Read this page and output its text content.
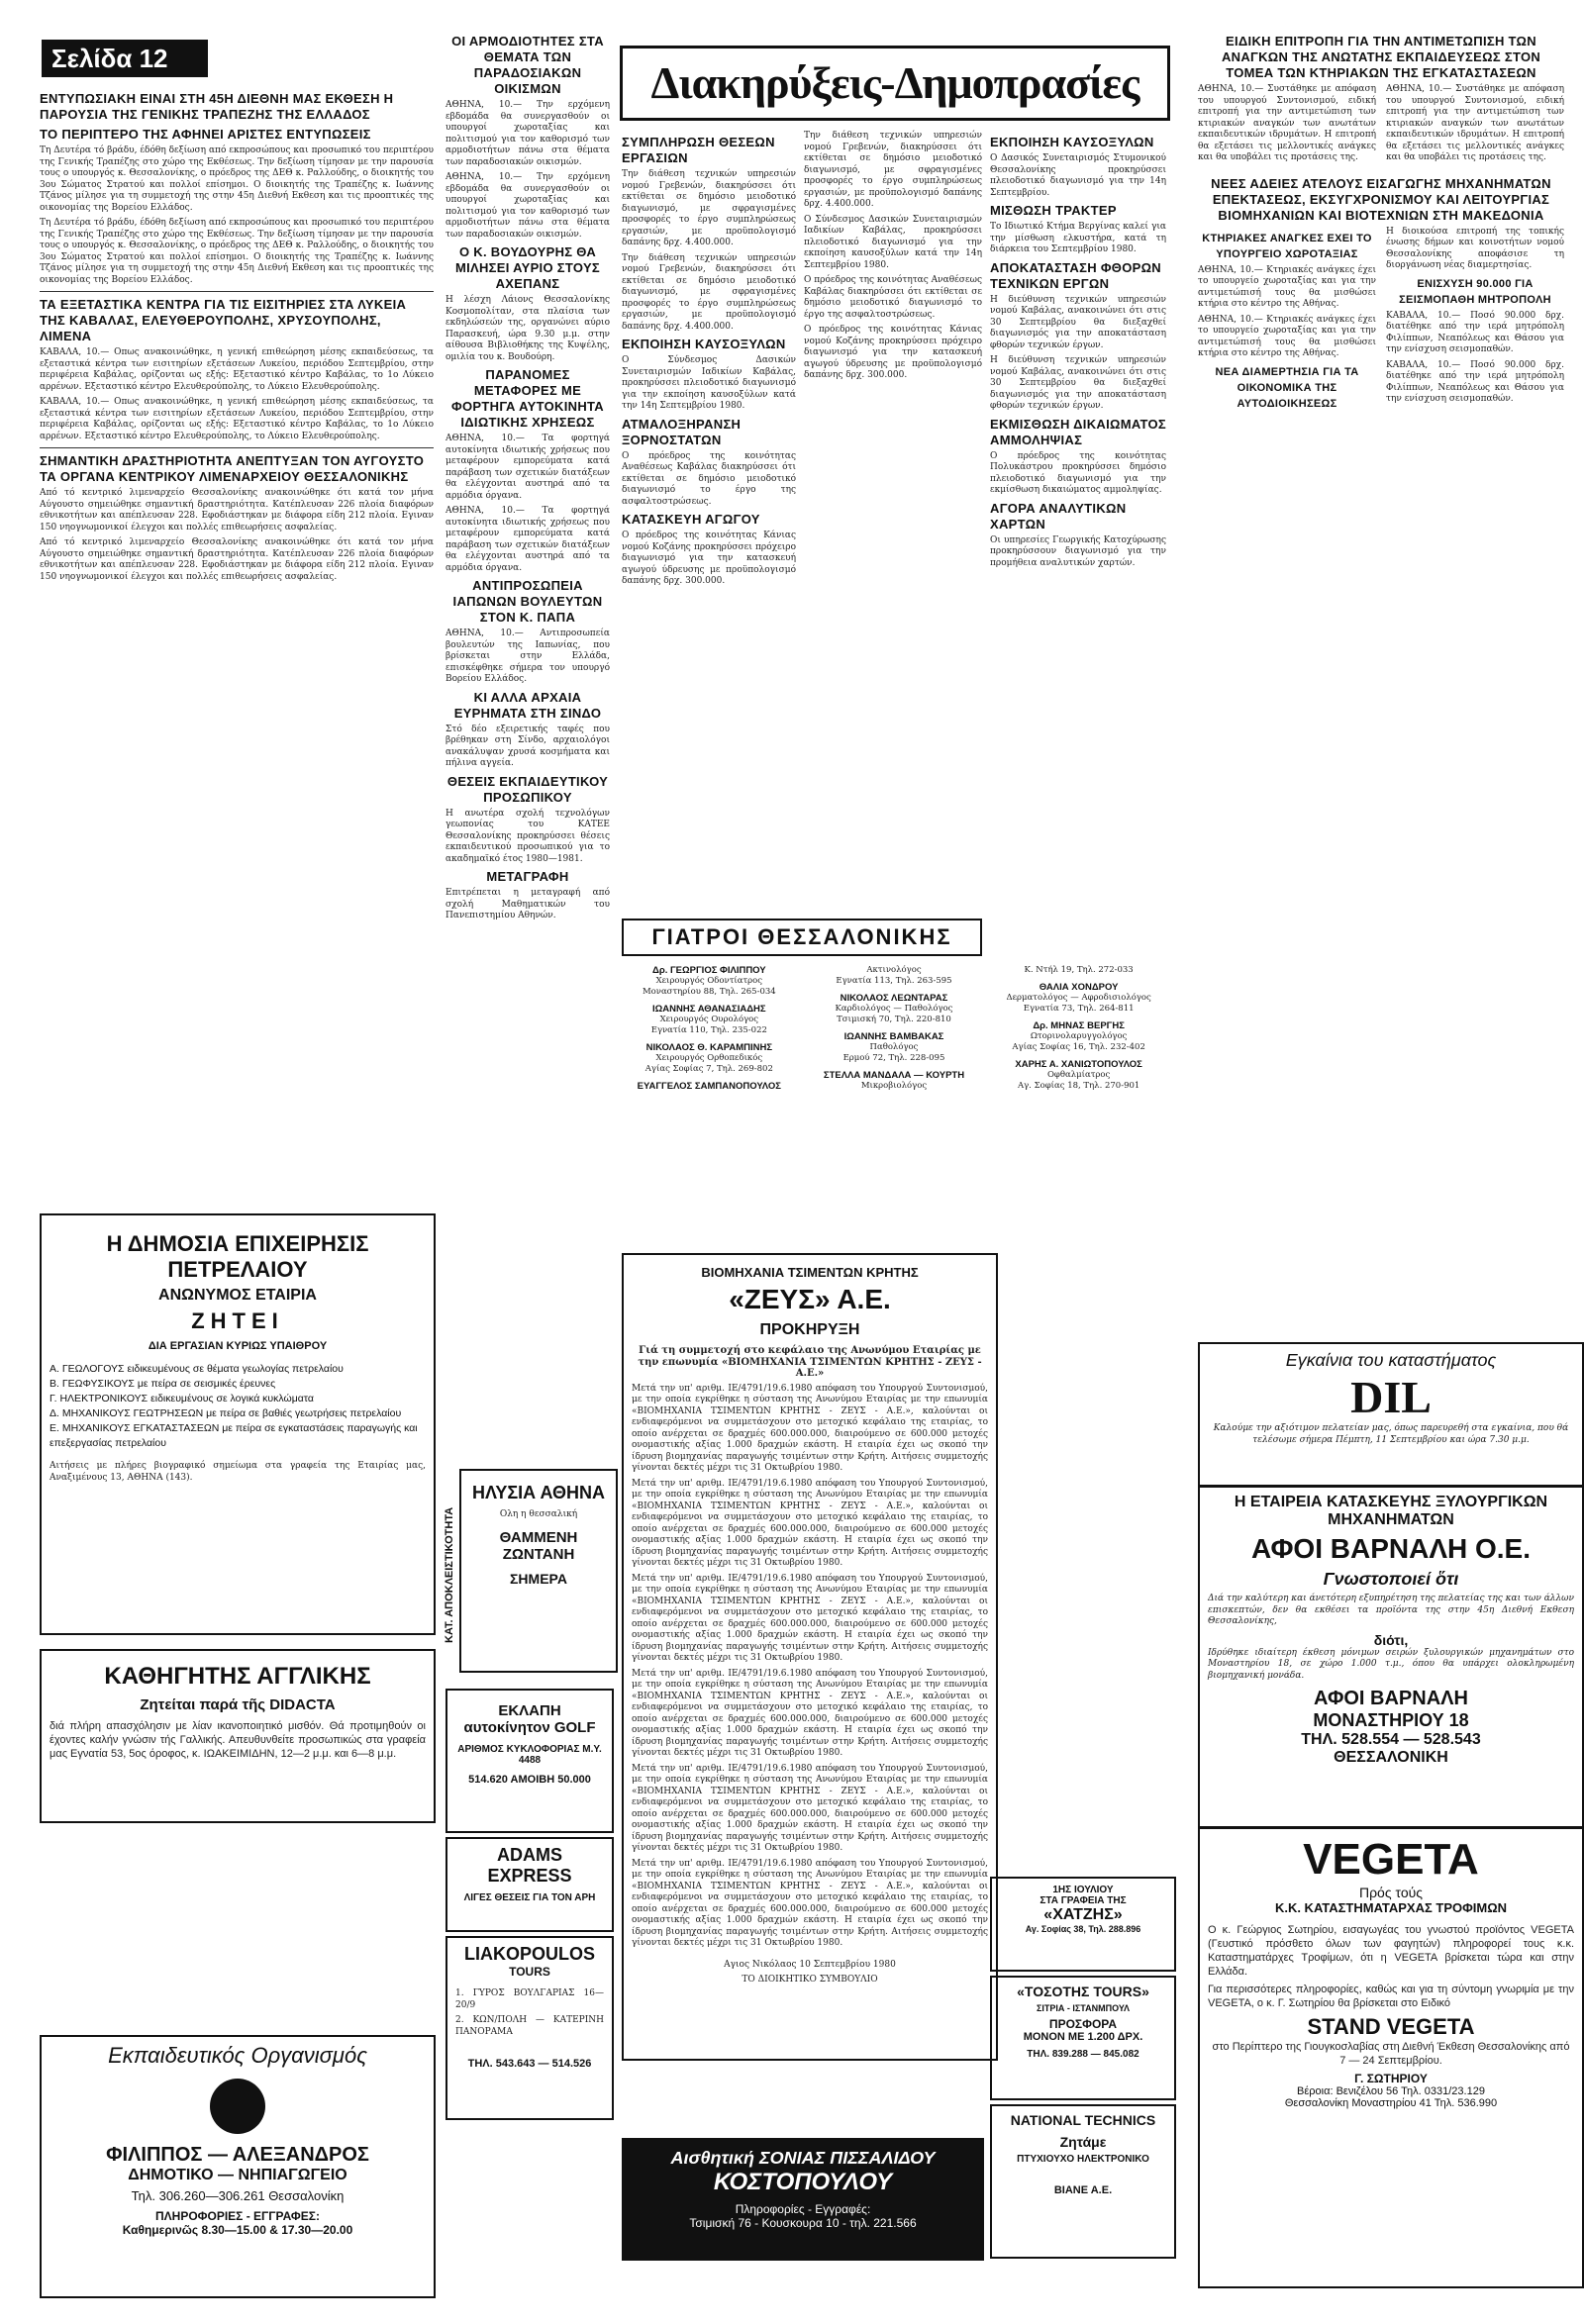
Σελίδα 12
ΕΝΤΥΠΩΣΙΑΚΗ ΕΙΝΑΙ ΣΤΗ 45Η ΔΙΕΘΝΗ ΜΑΣ ΕΚΘΕΣΗ Η ΠΑΡΟΥΣΙΑ ΤΗΣ ΓΕΝΙΚΗΣ ΤΡΑΠΕΖΗΣ ΤΗΣ ΕΛΛΑΔΟΣ
ΤΟ ΠΕΡΙΠΤΕΡΟ ΤΗΣ ΑΦΗΝΕΙ ΑΡΙΣΤΕΣ ΕΝΤΥΠΩΣΕΙΣ
Τη Δευτέρα τό βράδυ, έδόθη δεξίωση από εκπροσώπους και προσωπικό του περιπτέρου της Γενικής Τραπέζης στο χώρο της Εκθέσεως. Την δεξίωση τίμησαν με την παρουσία τους ο υπουργός κ. Θεσσαλονίκης, ο πρόεδρος της ΔΕΘ κ. Ραλλούδης, ο διοικητής του 3ου Σώματος Στρατού και πολλοί επίσημοι. Ο διοικητής της Τραπέζης κ. Ιωάννης Τζάνος μίλησε για τη συμμετοχή της στην 45η Διεθνή Εκθεση και τις προοπτικές της οικονομίας της Βορείου Ελλάδος.
Τη Δευτέρα τό βράδυ, έδόθη δεξίωση από εκπροσώπους και προσωπικό του περιπτέρου της Γενικής Τραπέζης στο χώρο της Εκθέσεως. Την δεξίωση τίμησαν με την παρουσία τους ο υπουργός κ. Θεσσαλονίκης, ο πρόεδρος της ΔΕΘ κ. Ραλλούδης, ο διοικητής του 3ου Σώματος Στρατού και πολλοί επίσημοι. Ο διοικητής της Τραπέζης κ. Ιωάννης Τζάνος μίλησε για τη συμμετοχή της στην 45η Διεθνή Εκθεση και τις προοπτικές της οικονομίας της Βορείου Ελλάδος.
ΤΑ ΕΞΕΤΑΣΤΙΚΑ ΚΕΝΤΡΑ ΓΙΑ ΤΙΣ ΕΙΣΙΤΗΡΙΕΣ ΣΤΑ ΛΥΚΕΙΑ ΤΗΣ ΚΑΒΑΛΑΣ, ΕΛΕΥΘΕΡΟΥΠΟΛΗΣ, ΧΡΥΣΟΥΠΟΛΗΣ, ΛΙΜΕΝΑ
ΚΑΒΑΛΑ, 10.— Οπως ανακοινώθηκε, η γενική επιθεώρηση μέσης εκπαιδεύσεως, τα εξεταστικά κέντρα των εισιτηρίων εξετάσεων Λυκείου, περιόδου Σεπτεμβρίου, στην περιφέρεια Καβάλας, ορίζονται ως εξής: Εξεταστικό κέντρο Καβάλας, το 1ο Λύκειο αρρένων. Εξεταστικό κέντρο Ελευθερούπολης, το Λύκειο Ελευθερούπολης.
ΚΑΒΑΛΑ, 10.— Οπως ανακοινώθηκε, η γενική επιθεώρηση μέσης εκπαιδεύσεως, τα εξεταστικά κέντρα των εισιτηρίων εξετάσεων Λυκείου, περιόδου Σεπτεμβρίου, στην περιφέρεια Καβάλας, ορίζονται ως εξής: Εξεταστικό κέντρο Καβάλας, το 1ο Λύκειο αρρένων. Εξεταστικό κέντρο Ελευθερούπολης, το Λύκειο Ελευθερούπολης.
ΣΗΜΑΝΤΙΚΗ ΔΡΑΣΤΗΡΙΟΤΗΤΑ ΑΝΕΠΤΥΞΑΝ ΤΟΝ ΑΥΓΟΥΣΤΟ ΤΑ ΟΡΓΑΝΑ ΚΕΝΤΡΙΚΟΥ ΛΙΜΕΝΑΡΧΕΙΟΥ ΘΕΣΣΑΛΟΝΙΚΗΣ
Από τό κεντρικό λιμεναρχείο Θεσσαλονίκης ανακοινώθηκε ότι κατά τον μήνα Αύγουστο σημειώθηκε σημαντική δραστηριότητα. Κατέπλευσαν 226 πλοία διαφόρων εθνικοτήτων και απέπλευσαν 228. Εφοδιάστηκαν με διάφορα είδη 212 πλοία. Εγιναν 150 νηογνωμονικοί έλεγχοι και πολλές επιθεωρήσεις ασφαλείας.
Από τό κεντρικό λιμεναρχείο Θεσσαλονίκης ανακοινώθηκε ότι κατά τον μήνα Αύγουστο σημειώθηκε σημαντική δραστηριότητα. Κατέπλευσαν 226 πλοία διαφόρων εθνικοτήτων και απέπλευσαν 228. Εφοδιάστηκαν με διάφορα είδη 212 πλοία. Εγιναν 150 νηογνωμονικοί έλεγχοι και πολλές επιθεωρήσεις ασφαλείας.
Η ΔΗΜΟΣΙΑ ΕΠΙΧΕΙΡΗΣΙΣ
ΠΕΤΡΕΛΑΙΟΥ
ΑΝΩΝΥΜΟΣ ΕΤΑΙΡΙΑ
ΖΗΤΕΙ
ΔΙΑ ΕΡΓΑΣΙΑΝ ΚΥΡΙΩΣ ΥΠΑΙΘΡΟΥ
Α. ΓΕΩΛΟΓΟΥΣ ειδικευμένους σε θέματα γεωλογίας πετρελαίου
Β. ΓΕΩΦΥΣΙΚΟΥΣ με πείρα σε σεισμικές έρευνες
Γ. ΗΛΕΚΤΡΟΝΙΚΟΥΣ ειδικευμένους σε λογικά κυκλώματα
Δ. ΜΗΧΑΝΙΚΟΥΣ ΓΕΩΤΡΗΣΕΩΝ με πείρα σε βαθιές γεωτρήσεις πετρελαίου
Ε. ΜΗΧΑΝΙΚΟΥΣ ΕΓΚΑΤΑΣΤΑΣΕΩΝ με πείρα σε εγκαταστάσεις παραγωγής και επεξεργασίας πετρελαίου
Αιτήσεις με πλήρες βιογραφικό σημείωμα στα γραφεία της Εταιρίας μας, Αναξιμένους 13, ΑΘΗΝΑ (143).
ΚΑΘΗΓΗΤΗΣ ΑΓΓΛΙΚΗΣ
Ζητείται παρά τῆς DIDACTA
διά πλήρη απασχόλησιν με λίαν ικανοποιητικό μισθόν. Θά προτιμηθούν οι έχοντες καλήν γνώσιν τής Γαλλικής. Απευθυνθείτε προσωπικώς στα γραφεία μας Εγνατία 53, 5ος όροφος, κ. ΙΩΑΚΕΙΜΙΔΗΝ, 12—2 μ.μ. και 6—8 μ.μ.
Εκπαιδευτικός Οργανισμός
ΦΙΛΙΠΠΟΣ — ΑΛΕΞΑΝΔΡΟΣ
ΔΗΜΟΤΙΚΟ — ΝΗΠΙΑΓΩΓΕΙΟ
Τηλ. 306.260—306.261 Θεσσαλονίκη
ΠΛΗΡΟΦΟΡΙΕΣ - ΕΓΓΡΑΦΕΣ:
Καθημερινῶς 8.30—15.00 & 17.30—20.00
ΟΙ ΑΡΜΟΔΙΟΤΗΤΕΣ ΣΤΑ ΘΕΜΑΤΑ ΤΩΝ ΠΑΡΑΔΟΣΙΑΚΩΝ ΟΙΚΙΣΜΩΝ
ΑΘΗΝΑ, 10.— Την ερχόμενη εβδομάδα θα συνεργασθούν οι υπουργοί χωροταξίας και πολιτισμού για τον καθορισμό των αρμοδιοτήτων πάνω στα θέματα των παραδοσιακών οικισμών.
ΑΘΗΝΑ, 10.— Την ερχόμενη εβδομάδα θα συνεργασθούν οι υπουργοί χωροταξίας και πολιτισμού για τον καθορισμό των αρμοδιοτήτων πάνω στα θέματα των παραδοσιακών οικισμών.
Ο Κ. ΒΟΥΔΟΥΡΗΣ ΘΑ ΜΙΛΗΣΕΙ ΑΥΡΙΟ ΣΤΟΥΣ ΑΧΕΠΑΝΣ
Η λέσχη Λάιονς Θεσσαλονίκης Κοσμοπολίταν, στα πλαίσια των εκδηλώσεών της, οργανώνει αύριο Παρασκευή, ώρα 9.30 μ.μ. στην αίθουσα Βιβλιοθήκης της Κυψέλης, ομιλία του κ. Βουδούρη.
ΠΑΡΑΝΟΜΕΣ ΜΕΤΑΦΟΡΕΣ ΜΕ ΦΟΡΤΗΓΑ ΑΥΤΟΚΙΝΗΤΑ ΙΔΙΩΤΙΚΗΣ ΧΡΗΣΕΩΣ
ΑΘΗΝΑ, 10.— Τα φορτηγά αυτοκίνητα ιδιωτικής χρήσεως που μεταφέρουν εμπορεύματα κατά παράβαση των σχετικών διατάξεων θα ελέγχονται αυστηρά από τα αρμόδια όργανα.
ΑΘΗΝΑ, 10.— Τα φορτηγά αυτοκίνητα ιδιωτικής χρήσεως που μεταφέρουν εμπορεύματα κατά παράβαση των σχετικών διατάξεων θα ελέγχονται αυστηρά από τα αρμόδια όργανα.
ΑΝΤΙΠΡΟΣΩΠΕΙΑ ΙΑΠΩΝΩΝ ΒΟΥΛΕΥΤΩΝ ΣΤΟΝ Κ. ΠΑΠΑ
ΑΘΗΝΑ, 10.— Αντιπροσωπεία βουλευτών της Ιαπωνίας, που βρίσκεται στην Ελλάδα, επισκέφθηκε σήμερα τον υπουργό Βορείου Ελλάδος.
ΚΙ ΑΛΛΑ ΑΡΧΑΙΑ ΕΥΡΗΜΑΤΑ ΣΤΗ ΣΙΝΔΟ
Στό δέο εξειρετικής ταφές που βρέθηκαν στη Σίνδο, αρχαιολόγοι ανακάλυψαν χρυσά κοσμήματα και πήλινα αγγεία.
ΘΕΣΕΙΣ ΕΚΠΑΙΔΕΥΤΙΚΟΥ ΠΡΟΣΩΠΙΚΟΥ
Η ανωτέρα σχολή τεχνολόγων γεωπονίας του ΚΑΤΕΕ Θεσσαλονίκης προκηρύσσει θέσεις εκπαιδευτικού προσωπικού για το ακαδημαϊκό έτος 1980—1981.
ΜΕΤΑΓΡΑΦΗ
Επιτρέπεται η μεταγραφή από σχολή Μαθηματικών του Πανεπιστημίου Αθηνών.
ΗΛΥΣΙΑ ΑΘΗΝΑ
Ολη η θεσσαλική
ΘΑΜΜΕΝΗ ΖΩΝΤΑΝΗ
ΣΗΜΕΡΑ
ΚΑΤ. ΑΠΟΚΛΕΙΣΤΙΚΟΤΗΤΑ
ΕΚΛΑΠΗ αυτοκίνητον GOLF
ΑΡΙΘΜΟΣ ΚΥΚΛΟΦΟΡΙΑΣ Μ.Υ. 4488
514.620 ΑΜΟΙΒΗ 50.000
ADAMS EXPRESS
ΛΙΓΕΣ ΘΕΣΕΙΣ ΓΙΑ ΤΟΝ ΑΡΗ
LIAKOPOULOS
TOURS
1. ΓΥΡΟΣ ΒΟΥΛΓΑΡΙΑΣ 16—20/9
2. ΚΩΝ/ΠΟΛΗ — ΚΑΤΕΡΙΝΗ ΠΑΝΟΡΑΜΑ
ΤΗΛ. 543.643 — 514.526
Διακηρύξεις-Δημοπρασίες
ΣΥΜΠΛΗΡΩΣΗ ΘΕΣΕΩΝ ΕΡΓΑΣΙΩΝ
Την διάθεση τεχνικών υπηρεσιών νομού Γρεβενών, διακηρύσσει ότι εκτίθεται σε δημόσιο μειοδοτικό διαγωνισμό, με σφραγισμένες προσφορές το έργο συμπληρώσεως εργασιών, με προϋπολογισμό δαπάνης δρχ. 4.400.000.
Την διάθεση τεχνικών υπηρεσιών νομού Γρεβενών, διακηρύσσει ότι εκτίθεται σε δημόσιο μειοδοτικό διαγωνισμό, με σφραγισμένες προσφορές το έργο συμπληρώσεως εργασιών, με προϋπολογισμό δαπάνης δρχ. 4.400.000.
ΕΚΠΟΙΗΣΗ ΚΑΥΣΟΞΥΛΩΝ
Ο Σύνδεσμος Δασικών Συνεταιρισμών Ιαδικίων Καβάλας, προκηρύσσει πλειοδοτικό διαγωνισμό για την εκποίηση καυσοξύλων κατά την 14η Σεπτεμβρίου 1980.
ΑΤΜΑΛΟΞΗΡΑΝΣΗ ΞΟΡΝΟΣΤΑΤΩΝ
Ο πρόεδρος της κοινότητας Αναθέσεως Καβάλας διακηρύσσει ότι εκτίθεται σε δημόσιο μειοδοτικό διαγωνισμό το έργο της ασφαλτοστρώσεως.
ΚΑΤΑΣΚΕΥΗ ΑΓΩΓΟΥ
Ο πρόεδρος της κοινότητας Κάνιας νομού Κοζάνης προκηρύσσει πρόχειρο διαγωνισμό για την κατασκευή αγωγού ύδρευσης με προϋπολογισμό δαπάνης δρχ. 300.000.
ΕΚΠΟΙΗΣΗ ΚΑΥΣΟΞΥΛΩΝ
Ο Δασικός Συνεταιρισμός Στυμονικού Θεσσαλονίκης προκηρύσσει πλειοδοτικό διαγωνισμό για την 14η Σεπτεμβρίου.
ΜΙΣΘΩΣΗ ΤΡΑΚΤΕΡ
Το Ιδιωτικό Κτήμα Βεργίνας καλεί για την μίσθωση ελκυστήρα, κατά τη διάρκεια του Σεπτεμβρίου 1980.
ΑΠΟΚΑΤΑΣΤΑΣΗ ΦΘΟΡΩΝ ΤΕΧΝΙΚΩΝ ΕΡΓΩΝ
Η διεύθυνση τεχνικών υπηρεσιών νομού Καβάλας, ανακοινώνει ότι στις 30 Σεπτεμβρίου θα διεξαχθεί διαγωνισμός για την αποκατάσταση φθορών τεχνικών έργων.
Η διεύθυνση τεχνικών υπηρεσιών νομού Καβάλας, ανακοινώνει ότι στις 30 Σεπτεμβρίου θα διεξαχθεί διαγωνισμός για την αποκατάσταση φθορών τεχνικών έργων.
ΕΚΜΙΣΘΩΣΗ ΔΙΚΑΙΩΜΑΤΟΣ ΑΜΜΟΛΗΨΙΑΣ
Ο πρόεδρος της κοινότητας Πολυκάστρου προκηρύσσει δημόσιο πλειοδοτικό διαγωνισμό για την εκμίσθωση δικαιώματος αμμοληψίας.
ΑΓΟΡΑ ΑΝΑΛΥΤΙΚΩΝ ΧΑΡΤΩΝ
Οι υπηρεσίες Γεωργικής Κατοχύρωσης προκηρύσσουν διαγωνισμό για την προμήθεια αναλυτικών χαρτών.
Την διάθεση τεχνικών υπηρεσιών νομού Γρεβενών, διακηρύσσει ότι εκτίθεται σε δημόσιο μειοδοτικό διαγωνισμό, με σφραγισμένες προσφορές το έργο συμπληρώσεως εργασιών, με προϋπολογισμό δαπάνης δρχ. 4.400.000.
Ο Σύνδεσμος Δασικών Συνεταιρισμών Ιαδικίων Καβάλας, προκηρύσσει πλειοδοτικό διαγωνισμό για την εκποίηση καυσοξύλων κατά την 14η Σεπτεμβρίου 1980.
Ο πρόεδρος της κοινότητας Αναθέσεως Καβάλας διακηρύσσει ότι εκτίθεται σε δημόσιο μειοδοτικό διαγωνισμό το έργο της ασφαλτοστρώσεως.
Ο πρόεδρος της κοινότητας Κάνιας νομού Κοζάνης προκηρύσσει πρόχειρο διαγωνισμό για την κατασκευή αγωγού ύδρευσης με προϋπολογισμό δαπάνης δρχ. 300.000.
ΓΙΑΤΡΟΙ ΘΕΣΣΑΛΟΝΙΚΗΣ
Δρ. ΓΕΩΡΓΙΟΣ ΦΙΛΙΠΠΟΥ
Χειρουργός Οδοντίατρος
Μοναστηρίου 88, Τηλ. 265-034
ΙΩΑΝΝΗΣ ΑΘΑΝΑΣΙΑΔΗΣ
Χειρουργός Ουρολόγος
Εγνατία 110, Τηλ. 235-022
ΝΙΚΟΛΑΟΣ Θ. ΚΑΡΑΜΠΙΝΗΣ
Χειρουργός Ορθοπεδικός
Αγίας Σοφίας 7, Τηλ. 269-802
ΕΥΑΓΓΕΛΟΣ ΣΑΜΠΑΝΟΠΟΥΛΟΣ
Ακτινολόγος
Εγνατία 113, Τηλ. 263-595
ΝΙΚΟΛΑΟΣ ΛΕΩΝΤΑΡΑΣ
Καρδιολόγος — Παθολόγος
Τσιμισκή 70, Τηλ. 220-810
ΙΩΑΝΝΗΣ ΒΑΜΒΑΚΑΣ
Παθολόγος
Ερμού 72, Τηλ. 228-095
ΣΤΕΛΛΑ ΜΑΝΔΑΛΑ — ΚΟΥΡΤΗ
Μικροβιολόγος
Κ. Ντήλ 19, Τηλ. 272-033
ΘΑΛΙΑ ΧΟΝΔΡΟΥ
Δερματολόγος — Αφροδισιολόγος
Εγνατία 73, Τηλ. 264-811
Δρ. ΜΗΝΑΣ ΒΕΡΓΗΣ
Ωτορινολαρυγγολόγος
Αγίας Σοφίας 16, Τηλ. 232-402
ΧΑΡΗΣ Α. ΧΑΝΙΩΤΟΠΟΥΛΟΣ
Οφθαλμίατρος
Αγ. Σοφίας 18, Τηλ. 270-901
ΒΙΟΜΗΧΑΝΙΑ ΤΣΙΜΕΝΤΩΝ ΚΡΗΤΗΣ
«ΖΕΥΣ» Α.Ε.
ΠΡΟΚΗΡΥΞΗ
Γιά τη συμμετοχή στο κεφάλαιο της Ανωνύμου Εταιρίας με την επωνυμία «ΒΙΟΜΗΧΑΝΙΑ ΤΣΙΜΕΝΤΩΝ ΚΡΗΤΗΣ - ΖΕΥΣ - Α.Ε.»
Μετά την υπ' αριθμ. ΙΕ/4791/19.6.1980 απόφαση του Υπουργού Συντονισμού, με την οποία εγκρίθηκε η σύσταση της Ανωνύμου Εταιρίας με την επωνυμία «ΒΙΟΜΗΧΑΝΙΑ ΤΣΙΜΕΝΤΩΝ ΚΡΗΤΗΣ - ΖΕΥΣ - Α.Ε.», καλούνται οι ενδιαφερόμενοι να συμμετάσχουν στο μετοχικό κεφάλαιο της εταιρίας, το οποίο ανέρχεται σε δραχμές 600.000.000, διαιρούμενο σε 600.000 μετοχές ονομαστικής αξίας 1.000 δραχμών εκάστη. Η εταιρία έχει ως σκοπό την ίδρυση βιομηχανίας παραγωγής τσιμέντων στην Κρήτη. Αιτήσεις συμμετοχής γίνονται δεκτές μέχρι τις 31 Οκτωβρίου 1980.
Μετά την υπ' αριθμ. ΙΕ/4791/19.6.1980 απόφαση του Υπουργού Συντονισμού, με την οποία εγκρίθηκε η σύσταση της Ανωνύμου Εταιρίας με την επωνυμία «ΒΙΟΜΗΧΑΝΙΑ ΤΣΙΜΕΝΤΩΝ ΚΡΗΤΗΣ - ΖΕΥΣ - Α.Ε.», καλούνται οι ενδιαφερόμενοι να συμμετάσχουν στο μετοχικό κεφάλαιο της εταιρίας, το οποίο ανέρχεται σε δραχμές 600.000.000, διαιρούμενο σε 600.000 μετοχές ονομαστικής αξίας 1.000 δραχμών εκάστη. Η εταιρία έχει ως σκοπό την ίδρυση βιομηχανίας παραγωγής τσιμέντων στην Κρήτη. Αιτήσεις συμμετοχής γίνονται δεκτές μέχρι τις 31 Οκτωβρίου 1980.
Μετά την υπ' αριθμ. ΙΕ/4791/19.6.1980 απόφαση του Υπουργού Συντονισμού, με την οποία εγκρίθηκε η σύσταση της Ανωνύμου Εταιρίας με την επωνυμία «ΒΙΟΜΗΧΑΝΙΑ ΤΣΙΜΕΝΤΩΝ ΚΡΗΤΗΣ - ΖΕΥΣ - Α.Ε.», καλούνται οι ενδιαφερόμενοι να συμμετάσχουν στο μετοχικό κεφάλαιο της εταιρίας, το οποίο ανέρχεται σε δραχμές 600.000.000, διαιρούμενο σε 600.000 μετοχές ονομαστικής αξίας 1.000 δραχμών εκάστη. Η εταιρία έχει ως σκοπό την ίδρυση βιομηχανίας παραγωγής τσιμέντων στην Κρήτη. Αιτήσεις συμμετοχής γίνονται δεκτές μέχρι τις 31 Οκτωβρίου 1980.
Μετά την υπ' αριθμ. ΙΕ/4791/19.6.1980 απόφαση του Υπουργού Συντονισμού, με την οποία εγκρίθηκε η σύσταση της Ανωνύμου Εταιρίας με την επωνυμία «ΒΙΟΜΗΧΑΝΙΑ ΤΣΙΜΕΝΤΩΝ ΚΡΗΤΗΣ - ΖΕΥΣ - Α.Ε.», καλούνται οι ενδιαφερόμενοι να συμμετάσχουν στο μετοχικό κεφάλαιο της εταιρίας, το οποίο ανέρχεται σε δραχμές 600.000.000, διαιρούμενο σε 600.000 μετοχές ονομαστικής αξίας 1.000 δραχμών εκάστη. Η εταιρία έχει ως σκοπό την ίδρυση βιομηχανίας παραγωγής τσιμέντων στην Κρήτη. Αιτήσεις συμμετοχής γίνονται δεκτές μέχρι τις 31 Οκτωβρίου 1980.
Μετά την υπ' αριθμ. ΙΕ/4791/19.6.1980 απόφαση του Υπουργού Συντονισμού, με την οποία εγκρίθηκε η σύσταση της Ανωνύμου Εταιρίας με την επωνυμία «ΒΙΟΜΗΧΑΝΙΑ ΤΣΙΜΕΝΤΩΝ ΚΡΗΤΗΣ - ΖΕΥΣ - Α.Ε.», καλούνται οι ενδιαφερόμενοι να συμμετάσχουν στο μετοχικό κεφάλαιο της εταιρίας, το οποίο ανέρχεται σε δραχμές 600.000.000, διαιρούμενο σε 600.000 μετοχές ονομαστικής αξίας 1.000 δραχμών εκάστη. Η εταιρία έχει ως σκοπό την ίδρυση βιομηχανίας παραγωγής τσιμέντων στην Κρήτη. Αιτήσεις συμμετοχής γίνονται δεκτές μέχρι τις 31 Οκτωβρίου 1980.
Μετά την υπ' αριθμ. ΙΕ/4791/19.6.1980 απόφαση του Υπουργού Συντονισμού, με την οποία εγκρίθηκε η σύσταση της Ανωνύμου Εταιρίας με την επωνυμία «ΒΙΟΜΗΧΑΝΙΑ ΤΣΙΜΕΝΤΩΝ ΚΡΗΤΗΣ - ΖΕΥΣ - Α.Ε.», καλούνται οι ενδιαφερόμενοι να συμμετάσχουν στο μετοχικό κεφάλαιο της εταιρίας, το οποίο ανέρχεται σε δραχμές 600.000.000, διαιρούμενο σε 600.000 μετοχές ονομαστικής αξίας 1.000 δραχμών εκάστη. Η εταιρία έχει ως σκοπό την ίδρυση βιομηχανίας παραγωγής τσιμέντων στην Κρήτη. Αιτήσεις συμμετοχής γίνονται δεκτές μέχρι τις 31 Οκτωβρίου 1980.
Αγιος Νικόλαος 10 Σεπτεμβρίου 1980
ΤΟ ΔΙΟΙΚΗΤΙΚΟ ΣΥΜΒΟΥΛΙΟ
Αισθητική ΣΟΝΙΑΣ ΠΙΣΣΑΛΙΔΟΥ
ΚΟΣΤΟΠΟΥΛΟΥ
Πληροφορίες - Εγγραφές:
Τσιμισκή 76 - Κουσκουρα 10 - τηλ. 221.566
1ΗΣ ΙΟΥΛΙΟΥ
ΣΤΑ ΓΡΑΦΕΙΑ ΤΗΣ
«ΧΑΤΖΗΣ»
Αγ. Σοφίας 38, Τηλ. 288.896
«ΤΟΣΟΤΗΣ TOURS»
ΣΙΤΡΙΑ - ΙΣΤΑΝΜΠΟΥΛ
ΠΡΟΣΦΟΡΑ
ΜΟΝΟΝ ΜΕ 1.200 ΔΡΧ.
ΤΗΛ. 839.288 — 845.082
NATIONAL TECHNICS
Ζητάμε
ΠΤΥΧΙΟΥΧΟ ΗΛΕΚΤΡΟΝΙΚΟ
ΒΙΑΝΕ Α.Ε.
ΕΙΔΙΚΗ ΕΠΙΤΡΟΠΗ ΓΙΑ ΤΗΝ ΑΝΤΙΜΕΤΩΠΙΣΗ ΤΩΝ ΑΝΑΓΚΩΝ ΤΗΣ ΑΝΩΤΑΤΗΣ ΕΚΠΑΙΔΕΥΣΕΩΣ ΣΤΟΝ ΤΟΜΕΑ ΤΩΝ ΚΤΗΡΙΑΚΩΝ ΤΗΣ ΕΓΚΑΤΑΣΤΑΣΕΩΝ
ΑΘΗΝΑ, 10.— Συστάθηκε με απόφαση του υπουργού Συντονισμού, ειδική επιτροπή για την αντιμετώπιση των κτιριακών αναγκών των ανωτάτων εκπαιδευτικών ιδρυμάτων. Η επιτροπή θα εξετάσει τις μελλοντικές ανάγκες και θα υποβάλει τις προτάσεις της.
ΑΘΗΝΑ, 10.— Συστάθηκε με απόφαση του υπουργού Συντονισμού, ειδική επιτροπή για την αντιμετώπιση των κτιριακών αναγκών των ανωτάτων εκπαιδευτικών ιδρυμάτων. Η επιτροπή θα εξετάσει τις μελλοντικές ανάγκες και θα υποβάλει τις προτάσεις της.
ΝΕΕΣ ΑΔΕΙΕΣ ΑΤΕΛΟΥΣ ΕΙΣΑΓΩΓΗΣ ΜΗΧΑΝΗΜΑΤΩΝ ΕΠΕΚΤΑΣΕΩΣ, ΕΚΣΥΓΧΡΟΝΙΣΜΟΥ ΚΑΙ ΛΕΙΤΟΥΡΓΙΑΣ ΒΙΟΜΗΧΑΝΙΩΝ ΚΑΙ ΒΙΟΤΕΧΝΙΩΝ ΣΤΗ ΜΑΚΕΔΟΝΙΑ
ΚΤΗΡΙΑΚΕΣ ΑΝΑΓΚΕΣ ΕΧΕΙ ΤΟ ΥΠΟΥΡΓΕΙΟ ΧΩΡΟΤΑΞΙΑΣ
ΑΘΗΝΑ, 10.— Κτηριακές ανάγκες έχει το υπουργείο χωροταξίας και για την αντιμετώπισή τους θα μισθώσει κτήρια στο κέντρο της Αθήνας.
ΑΘΗΝΑ, 10.— Κτηριακές ανάγκες έχει το υπουργείο χωροταξίας και για την αντιμετώπισή τους θα μισθώσει κτήρια στο κέντρο της Αθήνας.
ΝΕΑ ΔΙΑΜΕΡΤΗΣΙΑ ΓΙΑ ΤΑ ΟΙΚΟΝΟΜΙΚΑ ΤΗΣ ΑΥΤΟΔΙΟΙΚΗΣΕΩΣ
Η διοικούσα επιτροπή της τοπικής ένωσης δήμων και κοινοτήτων νομού Θεσσαλονίκης αποφάσισε τη διοργάνωση νέας διαμερτησίας.
ΕΝΙΣΧΥΣΗ 90.000 ΓΙΑ ΣΕΙΣΜΟΠΑΘΗ ΜΗΤΡΟΠΟΛΗ
ΚΑΒΑΛΑ, 10.— Ποσό 90.000 δρχ. διατέθηκε από την ιερά μητρόπολη Φιλίππων, Νεαπόλεως και Θάσου για την ενίσχυση σεισμοπαθών.
ΚΑΒΑΛΑ, 10.— Ποσό 90.000 δρχ. διατέθηκε από την ιερά μητρόπολη Φιλίππων, Νεαπόλεως και Θάσου για την ενίσχυση σεισμοπαθών.
Εγκαίνια του καταστήματος
DIL
Καλούμε την αξιότιμον πελατείαν μας, όπως παρευρεθή στα εγκαίνια, που θά τελέσωμε σήμερα Πέμπτη, 11 Σεπτεμβρίου και ώρα 7.30 μ.μ.
Η ΕΤΑΙΡΕΙΑ ΚΑΤΑΣΚΕΥΗΣ ΞΥΛΟΥΡΓΙΚΩΝ ΜΗΧΑΝΗΜΑΤΩΝ
ΑΦΟΙ ΒΑΡΝΑΛΗ Ο.Ε.
Γνωστοποιεί ὅτι
Διά την καλύτερη και άνετότερη εξυπηρέτηση της πελατείας της και των άλλων επισκεπτών, δεν θα εκθέσει τα προϊόντα της στην 45η Διεθνή Εκθεση Θεσσαλονίκης,
διότι,
Ιδρύθηκε ιδιαίτερη έκθεση μόνιμων σειρών ξυλουργικών μηχανημάτων στο Μοναστηρίου 18, σε χώρο 1.000 τ.μ., όπου θα υπάρχει ολοκληρωμένη βιομηχανική μονάδα.
ΑΦΟΙ ΒΑΡΝΑΛΗ
ΜΟΝΑΣΤΗΡΙΟΥ 18
ΤΗΛ. 528.554 — 528.543
ΘΕΣΣΑΛΟΝΙΚΗ
VEGETA
Πρός τούς
Κ.Κ. ΚΑΤΑΣΤΗΜΑΤΑΡΧΑΣ ΤΡΟΦΙΜΩΝ
Ο κ. Γεώργιος Σωτηρίου, εισαγωγέας του γνωστού προϊόντος VEGETA (Γευστικό πρόσθετο όλων των φαγητών) πληροφορεί τους κ.κ. Καταστηματάρχες Τροφίμων, ότι η VEGETA βρίσκεται τώρα και στην Ελλάδα.
Για περισσότερες πληροφορίες, καθώς και για τη σύντομη γνωριμία με την VEGETA, ο κ. Γ. Σωτηρίου θα βρίσκεται στο Ειδικό
STAND VEGETA
στο Περίπτερο της Γιουγκοσλαβίας στη Διεθνή Έκθεση Θεσσαλονίκης από 7 — 24 Σεπτεμβρίου.
Γ. ΣΩΤΗΡΙΟΥ
Βέροια: Βενιζέλου 56 Τηλ. 0331/23.129
Θεσσαλονίκη Μοναστηρίου 41 Τηλ. 536.990
